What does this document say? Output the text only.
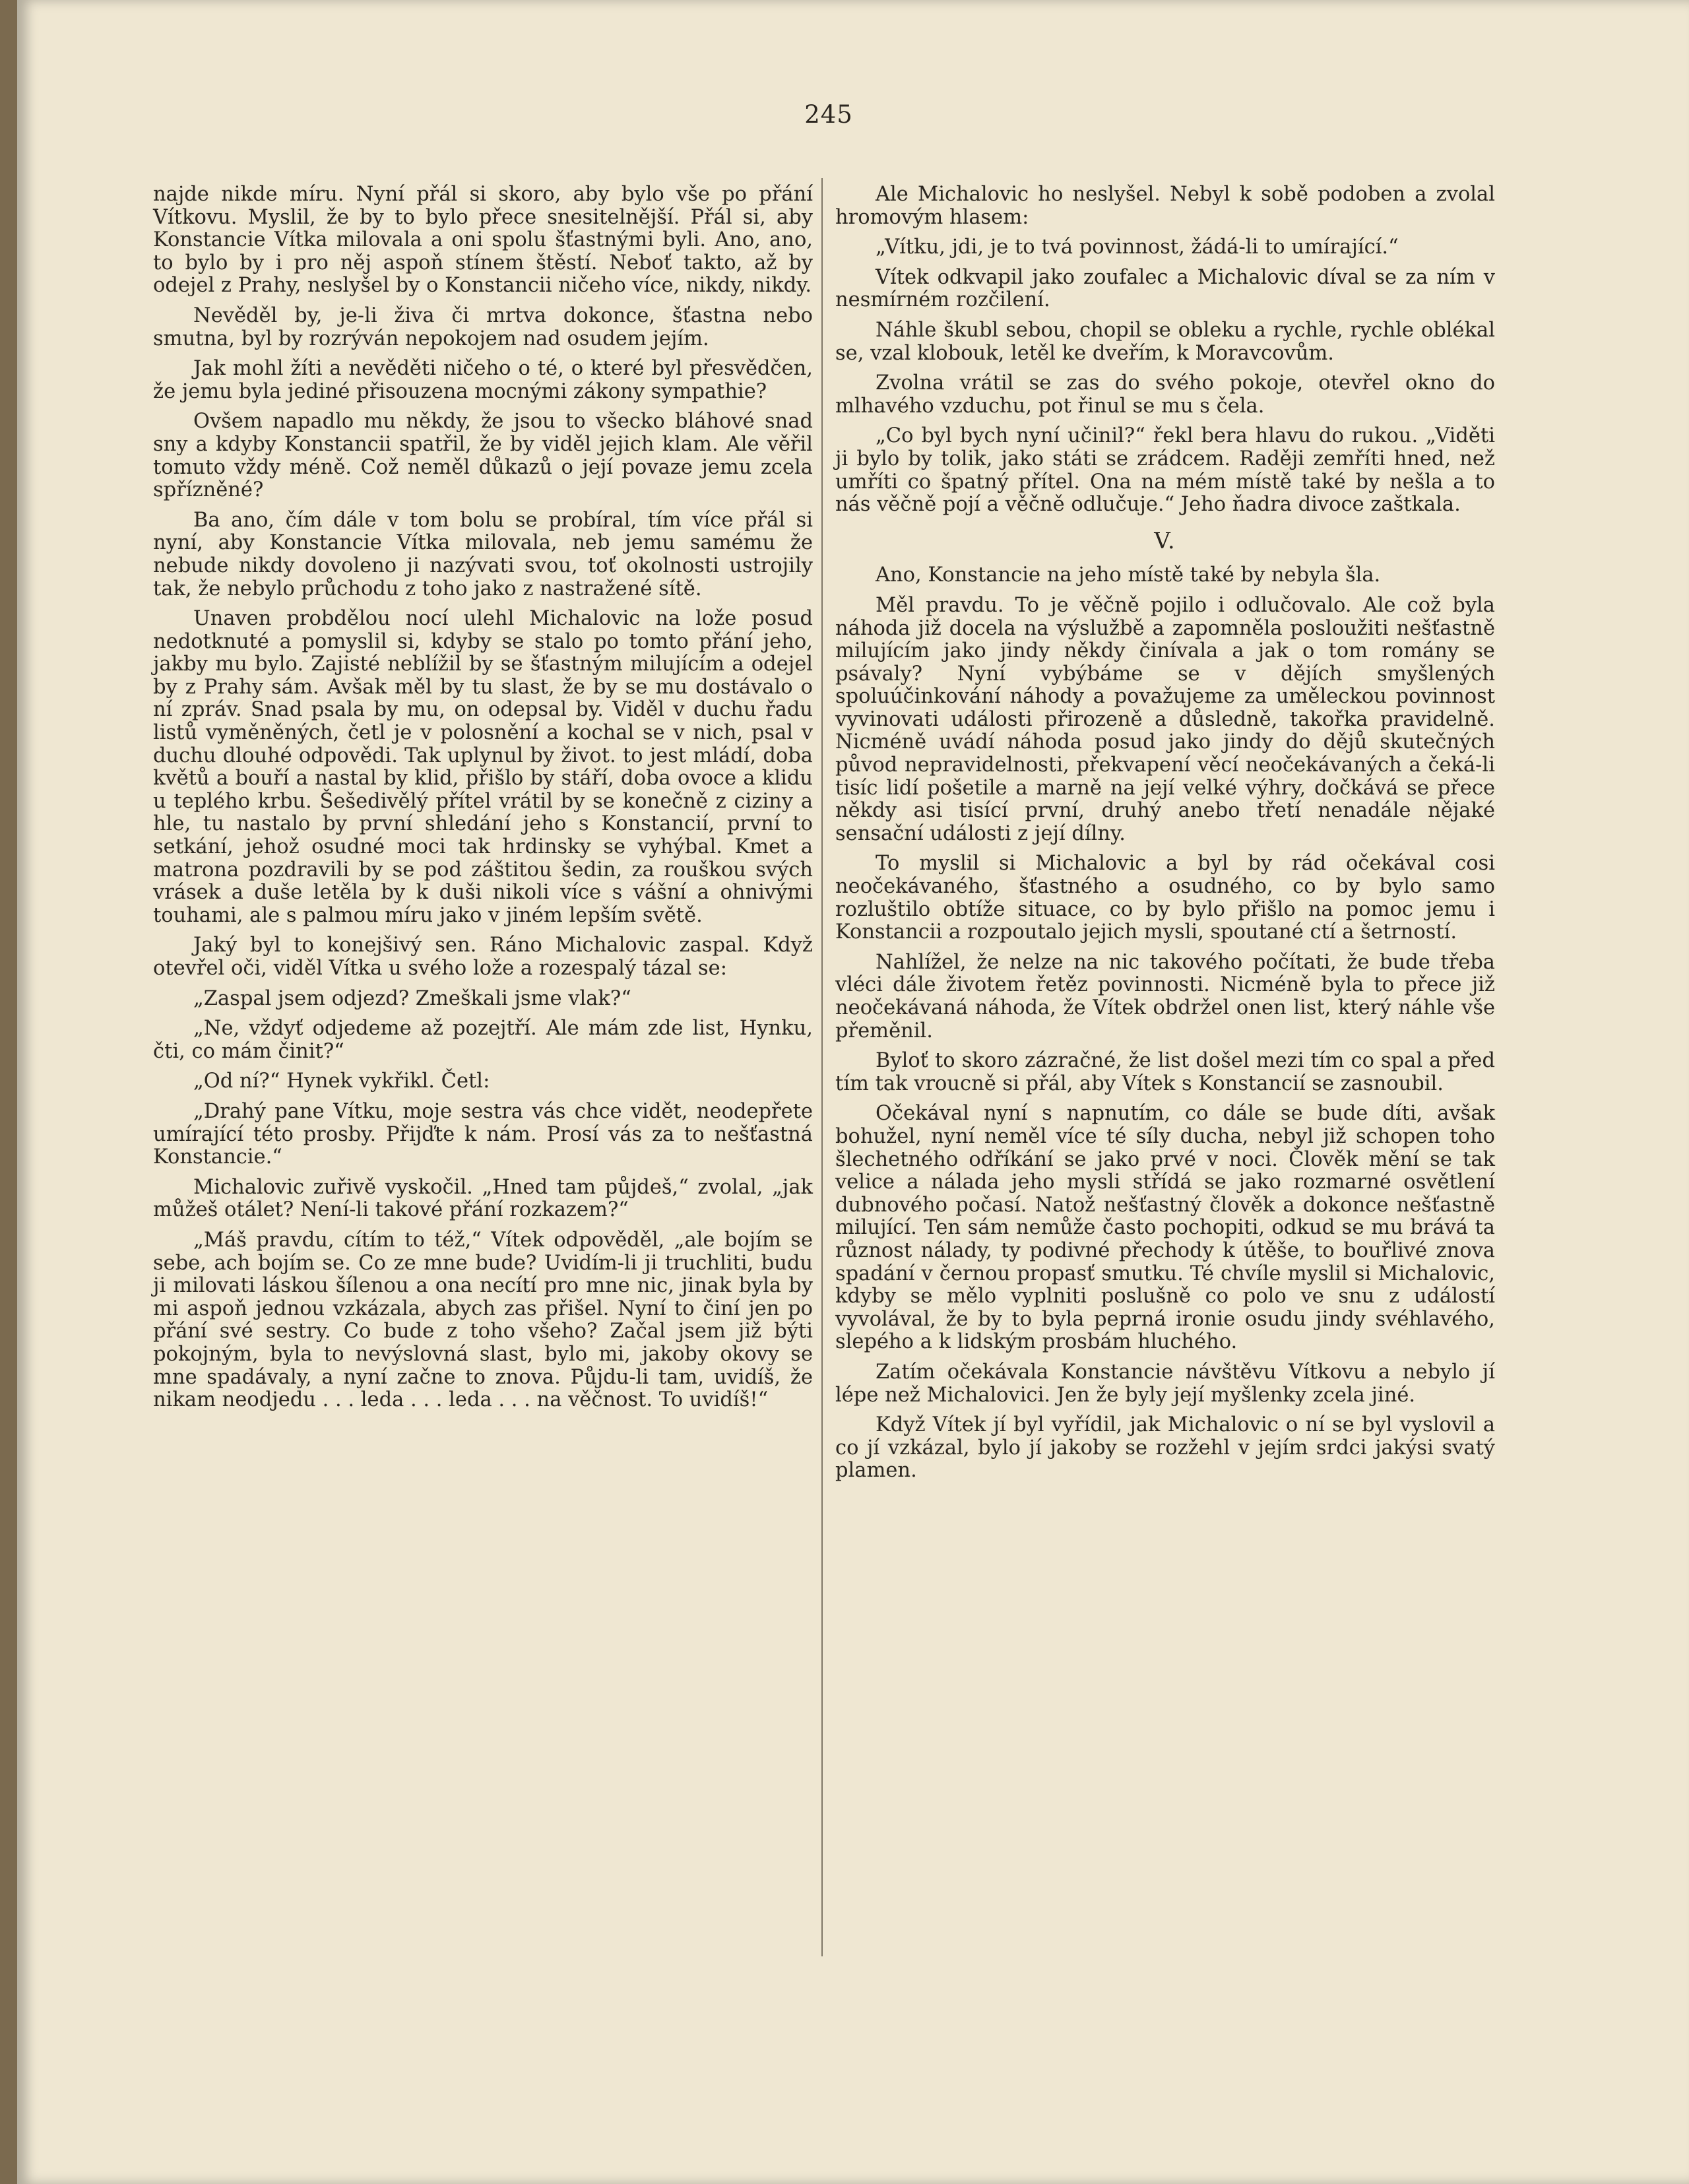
245

najde nikde míru. Nyní přál si skoro, aby bylo vše po přání Vítkovu. Myslil, že by to bylo přece snesitelnější. Přál si, aby Konstancie Vítka milovala a oni spolu šťastnými byli. Ano, ano, to bylo by i pro něj aspoň stínem štěstí. Neboť takto, až by odejel z Prahy, neslyšel by o Konstancii ničeho více, nikdy, nikdy.

Nevěděl by, je-li živa či mrtva dokonce, šťastna nebo smutna, byl by rozrýván nepokojem nad osudem jejím.

Jak mohl žíti a nevěděti ničeho o té, o které byl přesvědčen, že jemu byla jediné přisouzena mocnými zákony sympathie?

Ovšem napadlo mu někdy, že jsou to všecko bláhové snad sny a kdyby Konstancii spatřil, že by viděl jejich klam. Ale věřil tomuto vždy méně. Což neměl důkazů o její povaze jemu zcela spřízněné?

Ba ano, čím dále v tom bolu se probíral, tím více přál si nyní, aby Konstancie Vítka milovala, neb jemu samému že nebude nikdy dovoleno ji nazývati svou, toť okolnosti ustrojily tak, že nebylo průchodu z toho jako z nastražené sítě.

Unaven probdělou nocí ulehl Michalovic na lože posud nedotknuté a pomyslil si, kdyby se stalo po tomto přání jeho, jakby mu bylo. Zajisté neblížil by se šťastným milujícím a odejel by z Prahy sám. Avšak měl by tu slast, že by se mu dostávalo o ní zpráv. Snad psala by mu, on odepsal by. Viděl v duchu řadu listů vyměněných, četl je v polosnění a kochal se v nich, psal v duchu dlouhé odpovědi. Tak uplynul by život. to jest mládí, doba květů a bouří a nastal by klid, přišlo by stáří, doba ovoce a klidu u teplého krbu. Šešedivělý přítel vrátil by se konečně z ciziny a hle, tu nastalo by první shledání jeho s Konstancií, první to setkání, jehož osudné moci tak hrdinsky se vyhýbal. Kmet a matrona pozdravili by se pod záštitou šedin, za rouškou svých vrásek a duše letěla by k duši nikoli více s vášní a ohnivými touhami, ale s palmou míru jako v jiném lepším světě.

Jaký byl to konejšivý sen. Ráno Michalovic zaspal. Když otevřel oči, viděl Vítka u svého lože a rozespalý tázal se:

„Zaspal jsem odjezd? Zmeškali jsme vlak?“

„Ne, vždyť odjedeme až pozejtří. Ale mám zde list, Hynku, čti, co mám činit?“

„Od ní?“ Hynek vykřikl. Četl:

„Drahý pane Vítku, moje sestra vás chce vidět, neodepřete umírající této prosby. Přijďte k nám. Prosí vás za to nešťastná Konstancie.“

Michalovic zuřivě vyskočil. „Hned tam půjdeš,“ zvolal, „jak můžeš otálet? Není-li takové přání rozkazem?“

„Máš pravdu, cítím to též,“ Vítek odpověděl, „ale bojím se sebe, ach bojím se. Co ze mne bude? Uvidím-li ji truchliti, budu ji milovati láskou šílenou a ona necítí pro mne nic, jinak byla by mi aspoň jednou vzkázala, abych zas přišel. Nyní to činí jen po přání své sestry. Co bude z toho všeho? Začal jsem již býti pokojným, byla to nevýslovná slast, bylo mi, jakoby okovy se mne spadávaly, a nyní začne to znova. Půjdu-li tam, uvidíš, že nikam neodjedu . . . leda . . . leda . . . na věčnost. To uvidíš!“

Ale Michalovic ho neslyšel. Nebyl k sobě podoben a zvolal hromovým hlasem:

„Vítku, jdi, je to tvá povinnost, žádá-li to umírající.“

Vítek odkvapil jako zoufalec a Michalovic díval se za ním v nesmírném rozčilení.

Náhle škubl sebou, chopil se obleku a rychle, rychle oblékal se, vzal klobouk, letěl ke dveřím, k Moravcovům.

Zvolna vrátil se zas do svého pokoje, otevřel okno do mlhavého vzduchu, pot řinul se mu s čela.

„Co byl bych nyní učinil?“ řekl bera hlavu do rukou. „Viděti ji bylo by tolik, jako státi se zrádcem. Raději zemříti hned, než umříti co špatný přítel. Ona na mém místě také by nešla a to nás věčně pojí a věčně odlučuje.“ Jeho ňadra divoce zaštkala.

V.

Ano, Konstancie na jeho místě také by nebyla šla.

Měl pravdu. To je věčně pojilo i odlučovalo. Ale což byla náhoda již docela na výslužbě a zapomněla posloužiti nešťastně milujícím jako jindy někdy činívala a jak o tom romány se psávaly? Nyní vybýbáme se v dějích smyšlených spoluúčinkování náhody a považujeme za uměleckou povinnost vyvinovati události přirozeně a důsledně, takořka pravidelně. Nicméně uvádí náhoda posud jako jindy do dějů skutečných původ nepravidelnosti, překvapení věcí neočekávaných a čeká-li tisíc lidí pošetile a marně na její velké výhry, dočkává se přece někdy asi tisící první, druhý anebo třetí nenadále nějaké sensační události z její dílny.

To myslil si Michalovic a byl by rád očekával cosi neočekávaného, šťastného a osudného, co by bylo samo rozluštilo obtíže situace, co by bylo přišlo na pomoc jemu i Konstancii a rozpoutalo jejich mysli, spoutané ctí a šetrností.

Nahlížel, že nelze na nic takového počítati, že bude třeba vléci dále životem řetěz povinnosti. Nicméně byla to přece již neočekávaná náhoda, že Vítek obdržel onen list, který náhle vše přeměnil.

Byloť to skoro zázračné, že list došel mezi tím co spal a před tím tak vroucně si přál, aby Vítek s Konstancií se zasnoubil.

Očekával nyní s napnutím, co dále se bude díti, avšak bohužel, nyní neměl více té síly ducha, nebyl již schopen toho šlechetného odříkání se jako prvé v noci. Člověk mění se tak velice a nálada jeho mysli střídá se jako rozmarné osvětlení dubnového počasí. Natož nešťastný člověk a dokonce nešťastně milující. Ten sám nemůže často pochopiti, odkud se mu brává ta různost nálady, ty podivné přechody k útěše, to bouřlivé znova spadání v černou propasť smutku. Té chvíle myslil si Michalovic, kdyby se mělo vyplniti poslušně co polo ve snu z událostí vyvolával, že by to byla peprná ironie osudu jindy svéhlavého, slepého a k lidským prosbám hluchého.

Zatím očekávala Konstancie návštěvu Vítkovu a nebylo jí lépe než Michalovici. Jen že byly její myšlenky zcela jiné.

Když Vítek jí byl vyřídil, jak Michalovic o ní se byl vyslovil a co jí vzkázal, bylo jí jakoby se rozžehl v jejím srdci jakýsi svatý plamen.
